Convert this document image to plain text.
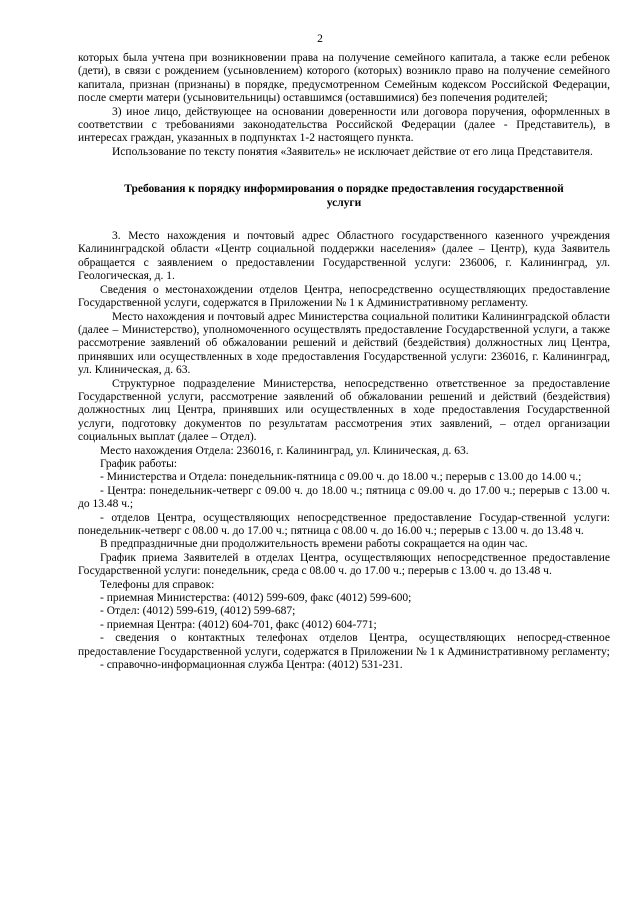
2

которых была учтена при возникновении права на получение семейного капитала, а также если ребенок (дети), в связи с рождением (усыновлением) которого (которых) возникло право на получение семейного капитала, признан (признаны) в порядке, предусмотренном Семейным кодексом Российской Федерации, после смерти матери (усыновительницы) оставшимся (оставшимися) без попечения родителей;

3) иное лицо, действующее на основании доверенности или договора поручения, оформленных в соответствии с требованиями законодательства Российской Федерации (далее - Представитель), в интересах граждан, указанных в подпунктах 1-2 настоящего пункта.

Использование по тексту понятия «Заявитель» не исключает действие от его лица Представителя.

Требования к порядку информирования о порядке предоставления государственной услуги

3. Место нахождения и почтовый адрес Областного государственного казенного учреждения Калининградской области «Центр социальной поддержки населения» (далее – Центр), куда Заявитель обращается с заявлением о предоставлении Государственной услуги: 236006, г. Калининград, ул. Геологическая, д. 1.

Сведения о местонахождении отделов Центра, непосредственно осуществляющих предоставление Государственной услуги, содержатся в Приложении № 1 к Административному регламенту.

Место нахождения и почтовый адрес Министерства социальной политики Калининградской области (далее – Министерство), уполномоченного осуществлять предоставление Государственной услуги, а также рассмотрение заявлений об обжаловании решений и действий (бездействия) должностных лиц Центра, принявших или осуществленных в ходе предоставления Государственной услуги: 236016, г. Калининград, ул. Клиническая, д. 63.

Структурное подразделение Министерства, непосредственно ответственное за предоставление Государственной услуги, рассмотрение заявлений об обжаловании решений и действий (бездействия) должностных лиц Центра, принявших или осуществленных в ходе предоставления Государственной услуги, подготовку документов по результатам рассмотрения этих заявлений, – отдел организации социальных выплат (далее – Отдел).

Место нахождения Отдела: 236016, г. Калининград, ул. Клиническая, д. 63.

График работы:

- Министерства и Отдела: понедельник-пятница с 09.00 ч. до 18.00 ч.; перерыв с 13.00 до 14.00 ч.;

- Центра: понедельник-четверг с 09.00 ч. до 18.00 ч.; пятница с 09.00 ч. до 17.00 ч.; перерыв с 13.00 ч. до 13.48 ч.;

- отделов Центра, осуществляющих непосредственное предоставление Государ-ственной услуги: понедельник-четверг с 08.00 ч. до 17.00 ч.; пятница с 08.00 ч. до 16.00 ч.; перерыв с 13.00 ч. до 13.48 ч.

В предпраздничные дни продолжительность времени работы сокращается на один час.

График приема Заявителей в отделах Центра, осуществляющих непосредственное предоставление Государственной услуги: понедельник, среда с 08.00 ч. до 17.00 ч.; перерыв с 13.00 ч. до 13.48 ч.

Телефоны для справок:

- приемная Министерства: (4012) 599-609, факс (4012) 599-600;

- Отдел: (4012) 599-619, (4012) 599-687;

- приемная Центра: (4012) 604-701, факс (4012) 604-771;

- сведения о контактных телефонах отделов Центра, осуществляющих непосред-ственное предоставление Государственной услуги, содержатся в Приложении № 1 к Административному регламенту;

- справочно-информационная служба Центра: (4012) 531-231.
